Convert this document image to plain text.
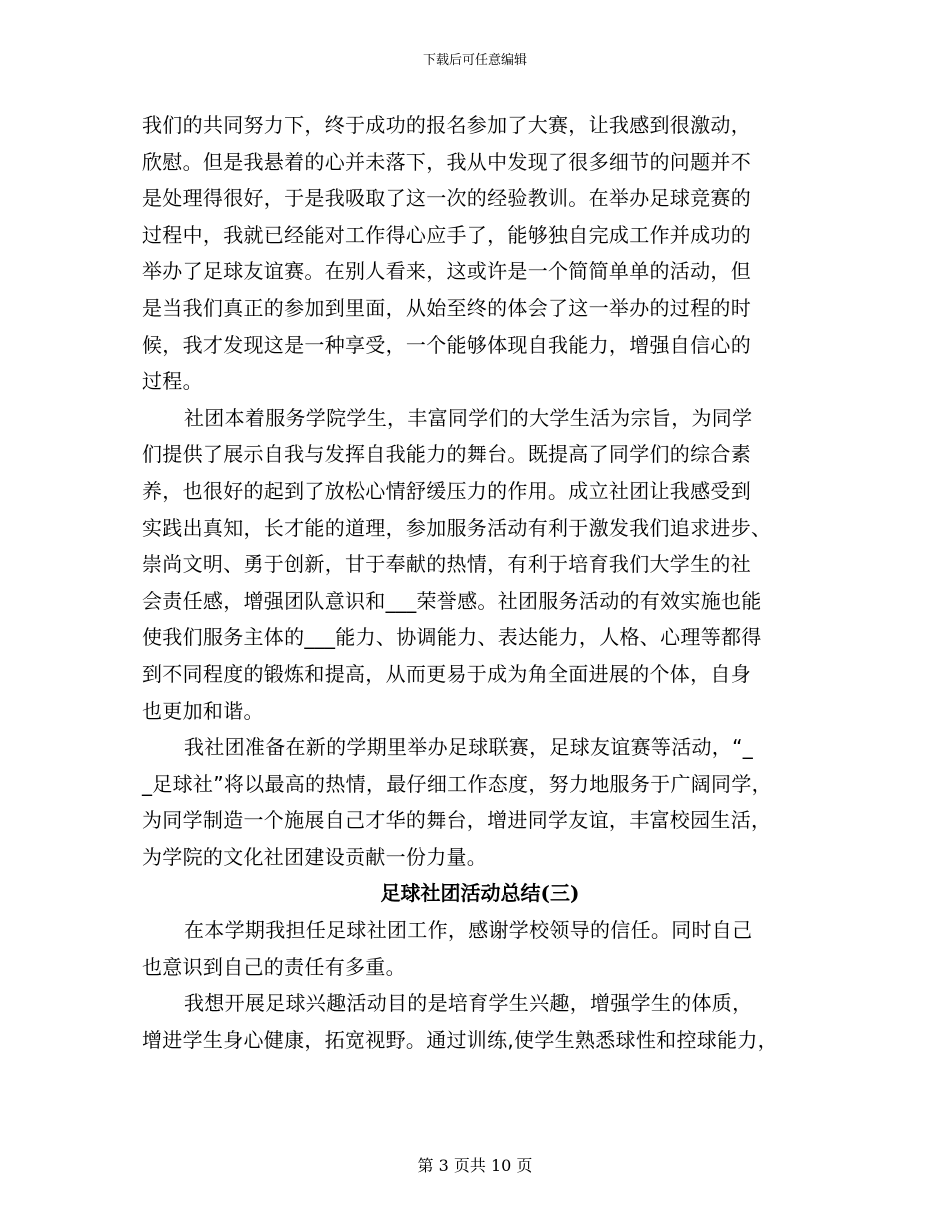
下载后可任意编辑
我们的共同努力下，终于成功的报名参加了大赛，让我感到很激动，
欣慰。但是我悬着的心并未落下，我从中发现了很多细节的问题并不
是处理得很好，于是我吸取了这一次的经验教训。在举办足球竞赛的
过程中，我就已经能对工作得心应手了，能够独自完成工作并成功的
举办了足球友谊赛。在别人看来，这或许是一个简简单单的活动，但
是当我们真正的参加到里面，从始至终的体会了这一举办的过程的时
候，我才发现这是一种享受，一个能够体现自我能力，增强自信心的
过程。
社团本着服务学院学生，丰富同学们的大学生活为宗旨，为同学
们提供了展示自我与发挥自我能力的舞台。既提高了同学们的综合素
养，也很好的起到了放松心情舒缓压力的作用。成立社团让我感受到
实践出真知，长才能的道理，参加服务活动有利于激发我们追求进步、
崇尚文明、勇于创新，甘于奉献的热情，有利于培育我们大学生的社
会责任感，增强团队意识和___荣誉感。社团服务活动的有效实施也能
使我们服务主体的___能力、协调能力、表达能力，人格、心理等都得
到不同程度的锻炼和提高，从而更易于成为角全面进展的个体，自身
也更加和谐。
我社团准备在新的学期里举办足球联赛，足球友谊赛等活动，“_
_足球社”将以最高的热情，最仔细工作态度，努力地服务于广阔同学，
为同学制造一个施展自己才华的舞台，增进同学友谊，丰富校园生活，
为学院的文化社团建设贡献一份力量。
足球社团活动总结(三)
在本学期我担任足球社团工作，感谢学校领导的信任。同时自己
也意识到自己的责任有多重。
我想开展足球兴趣活动目的是培育学生兴趣，增强学生的体质，
增进学生身心健康，拓宽视野。通过训练,使学生熟悉球性和控球能力，
第 3 页共 10 页
